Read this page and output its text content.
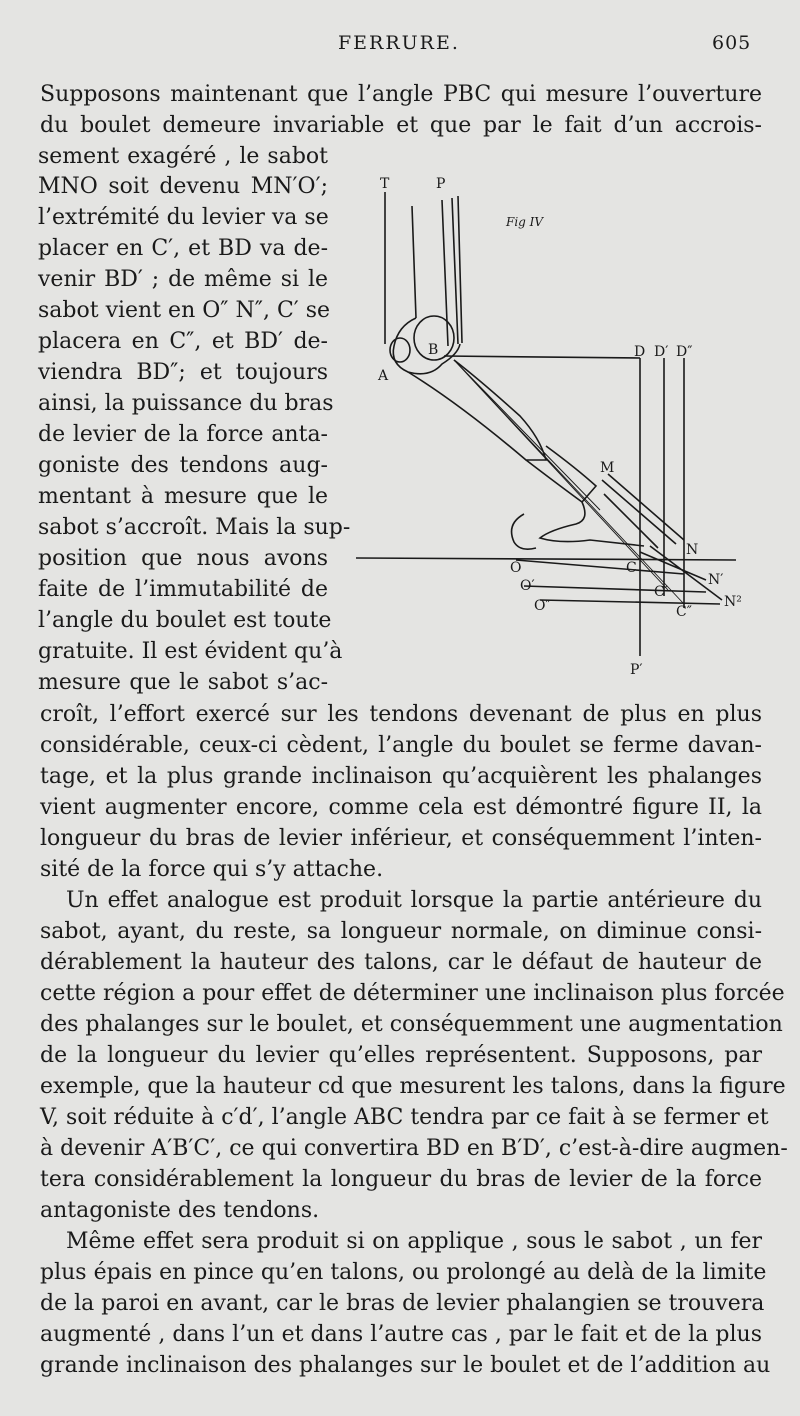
FERRURE.	605
Supposons maintenant que l’angle PBC qui mesure l’ouverture
du boulet demeure invariable et que par le fait d’un accrois-
sement exagéré , le sabot
MNO soit devenu MN′O′;
l’extrémité du levier va se
placer en C′, et BD va de-
venir BD′ ; de même si le
sabot vient en O″ N″, C′ se
placera en C″, et BD′ de-
viendra BD″; et toujours
ainsi, la puissance du bras
de levier de la force anta-
goniste des tendons aug-
mentant à mesure que le
sabot s’accroît. Mais la sup-
position que nous avons
faite de l’immutabilité de
l’angle du boulet est toute
gratuite. Il est évident qu’à
mesure que le sabot s’ac-
croît, l’effort exercé sur les tendons devenant de plus en plus
considérable, ceux-ci cèdent, l’angle du boulet se ferme davan-
tage, et la plus grande inclinaison qu’acquièrent les phalanges
vient augmenter encore, comme cela est démontré figure II, la
longueur du bras de levier inférieur, et conséquemment l’inten-
sité de la force qui s’y attache.
Un effet analogue est produit lorsque la partie antérieure du
sabot, ayant, du reste, sa longueur normale, on diminue consi-
dérablement la hauteur des talons, car le défaut de hauteur de
cette région a pour effet de déterminer une inclinaison plus forcée
des phalanges sur le boulet, et conséquemment une augmentation
de la longueur du levier qu’elles représentent. Supposons, par
exemple, que la hauteur cd que mesurent les talons, dans la figure
V, soit réduite à c′d′, l’angle ABC tendra par ce fait à se fermer et
à devenir A′B′C′, ce qui convertira BD en B′D′, c’est-à-dire augmen-
tera considérablement la longueur du bras de levier de la force
antagoniste des tendons.
Même effet sera produit si on applique , sous le sabot , un fer
plus épais en pince qu’en talons, ou prolongé au delà de la limite
de la paroi en avant, car le bras de levier phalangien se trouvera
augmenté , dans l’un et dans l’autre cas , par le fait et de la plus
grande inclinaison des phalanges sur le boulet et de l’addition au
Fig IV
T	P
A
B	D D′ D″
M
N
N′
N²
O
O′
O″
C
C′
C″
P′
